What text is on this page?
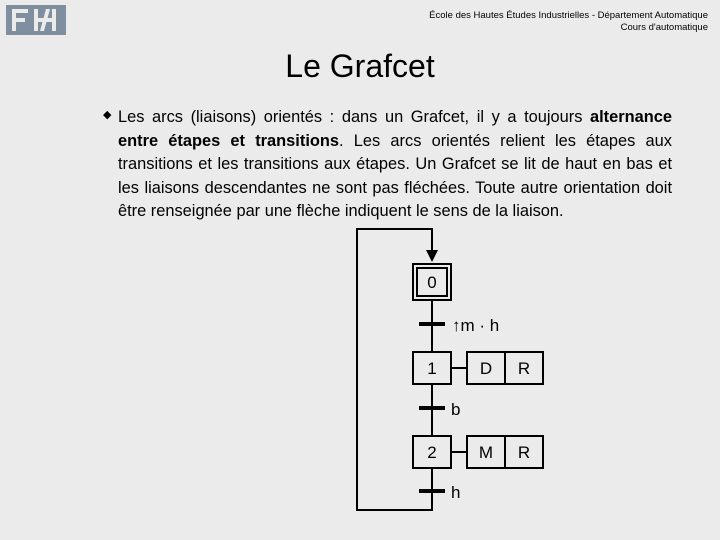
École des Hautes Études Industrielles - Département Automatique
Cours d'automatique
Le Grafcet
◆ Les arcs (liaisons) orientés : dans un Grafcet, il y a toujours alternance entre étapes et transitions. Les arcs orientés relient les étapes aux transitions et les transitions aux étapes. Un Grafcet se lit de haut en bas et les liaisons descendantes ne sont pas fléchées. Toute autre orientation doit être renseignée par une flèche indiquent le sens de la liaison.
0
↑m · h
1	D R
b
2 M R
h
